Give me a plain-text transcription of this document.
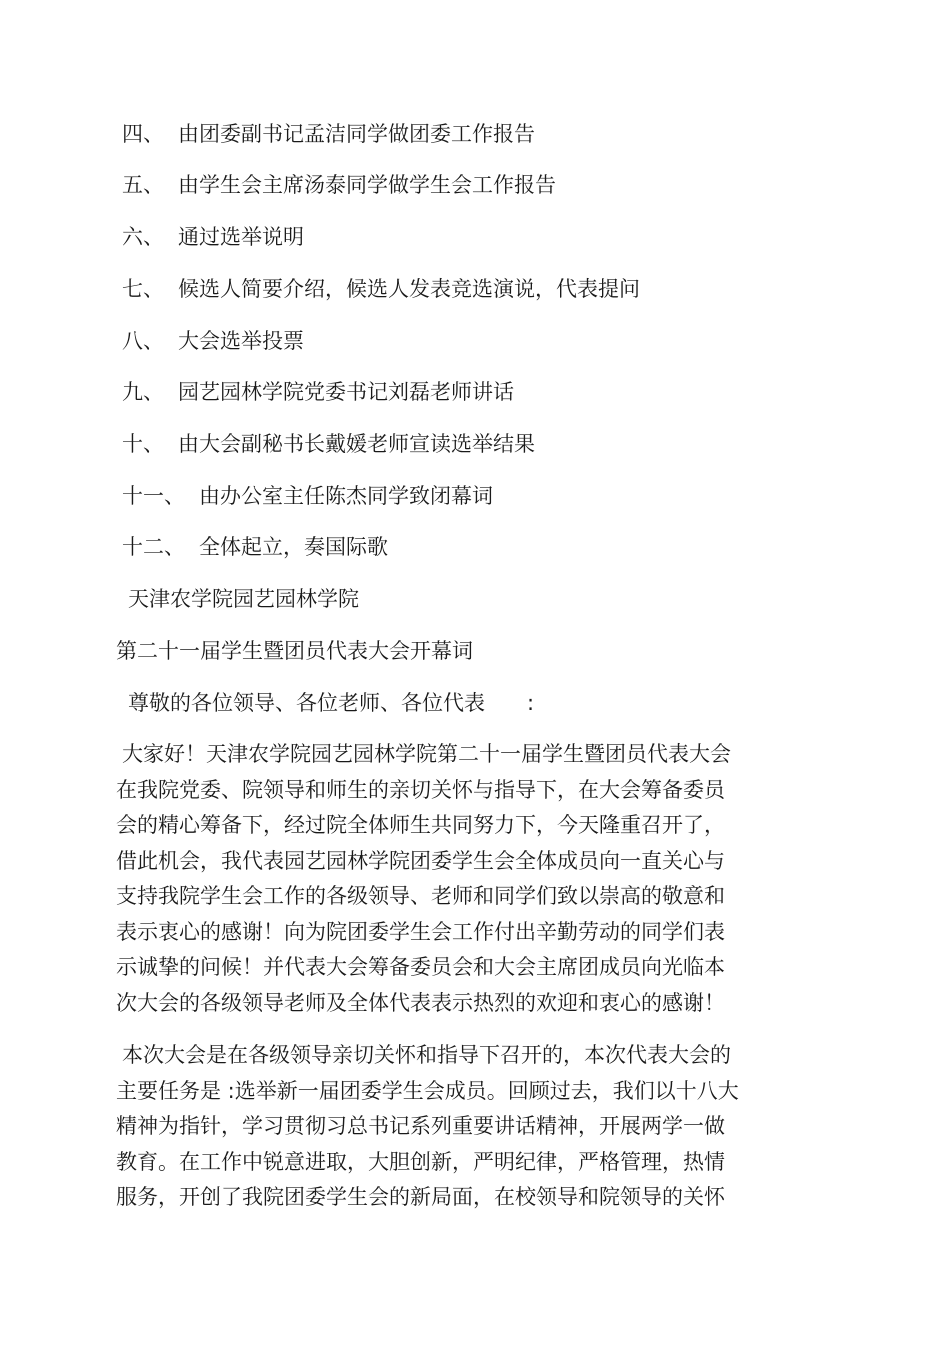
四、 由团委副书记孟洁同学做团委工作报告
五、 由学生会主席汤泰同学做学生会工作报告
六、 通过选举说明
七、 候选人简要介绍，候选人发表竞选演说，代表提问
八、 大会选举投票
九、 园艺园林学院党委书记刘磊老师讲话
十、 由大会副秘书长戴媛老师宣读选举结果
十一、 由办公室主任陈杰同学致闭幕词
十二、 全体起立，奏国际歌
天津农学院园艺园林学院
第二十一届学生暨团员代表大会开幕词
尊敬的各位领导、各位老师、各位代表　　:

大家好！天津农学院园艺园林学院第二十一届学生暨团员代表大会

在我院党委、院领导和师生的亲切关怀与指导下，在大会筹备委员

会的精心筹备下，经过院全体师生共同努力下，今天隆重召开了，

借此机会，我代表园艺园林学院团委学生会全体成员向一直关心与

支持我院学生会工作的各级领导、老师和同学们致以崇高的敬意和

表示衷心的感谢！向为院团委学生会工作付出辛勤劳动的同学们表

示诚挚的问候！并代表大会筹备委员会和大会主席团成员向光临本

次大会的各级领导老师及全体代表表示热烈的欢迎和衷心的感谢！

本次大会是在各级领导亲切关怀和指导下召开的，本次代表大会的

主要任务是 :选举新一届团委学生会成员。回顾过去，我们以十八大

精神为指针，学习贯彻习总书记系列重要讲话精神，开展两学一做

教育。在工作中锐意进取，大胆创新，严明纪律，严格管理，热情

服务，开创了我院团委学生会的新局面，在校领导和院领导的关怀
